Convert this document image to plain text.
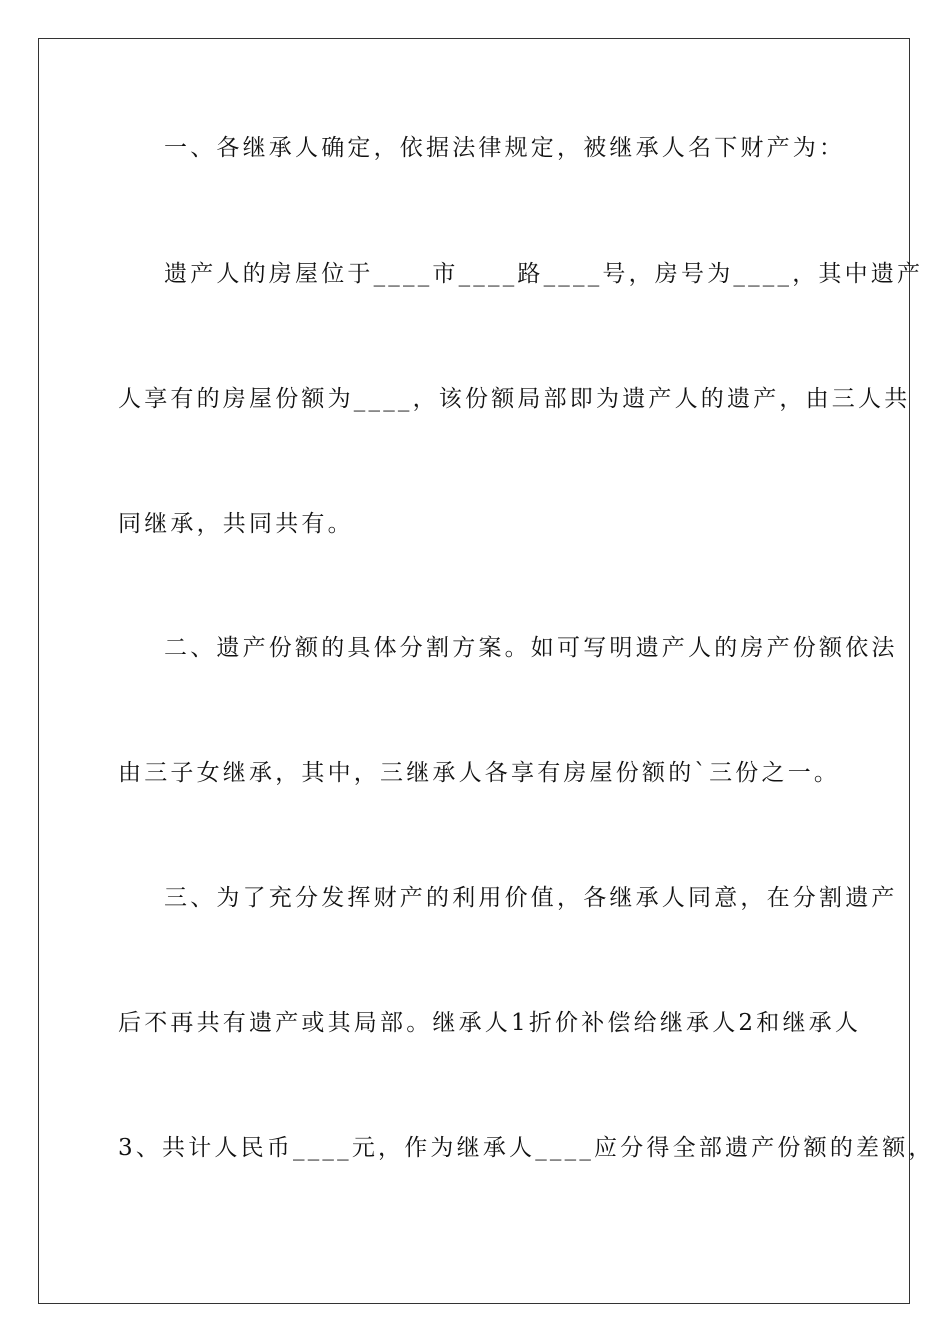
一、各继承人确定，依据法律规定，被继承人名下财产为：
遗产人的房屋位于____市____路____号，房号为____，其中遗产
人享有的房屋份额为____，该份额局部即为遗产人的遗产，由三人共
同继承，共同共有。
二、遗产份额的具体分割方案。如可写明遗产人的房产份额依法
由三子女继承，其中，三继承人各享有房屋份额的`三份之一。
三、为了充分发挥财产的利用价值，各继承人同意，在分割遗产
后不再共有遗产或其局部。继承人1折价补偿给继承人2和继承人
3、共计人民币____元，作为继承人____应分得全部遗产份额的差额，
